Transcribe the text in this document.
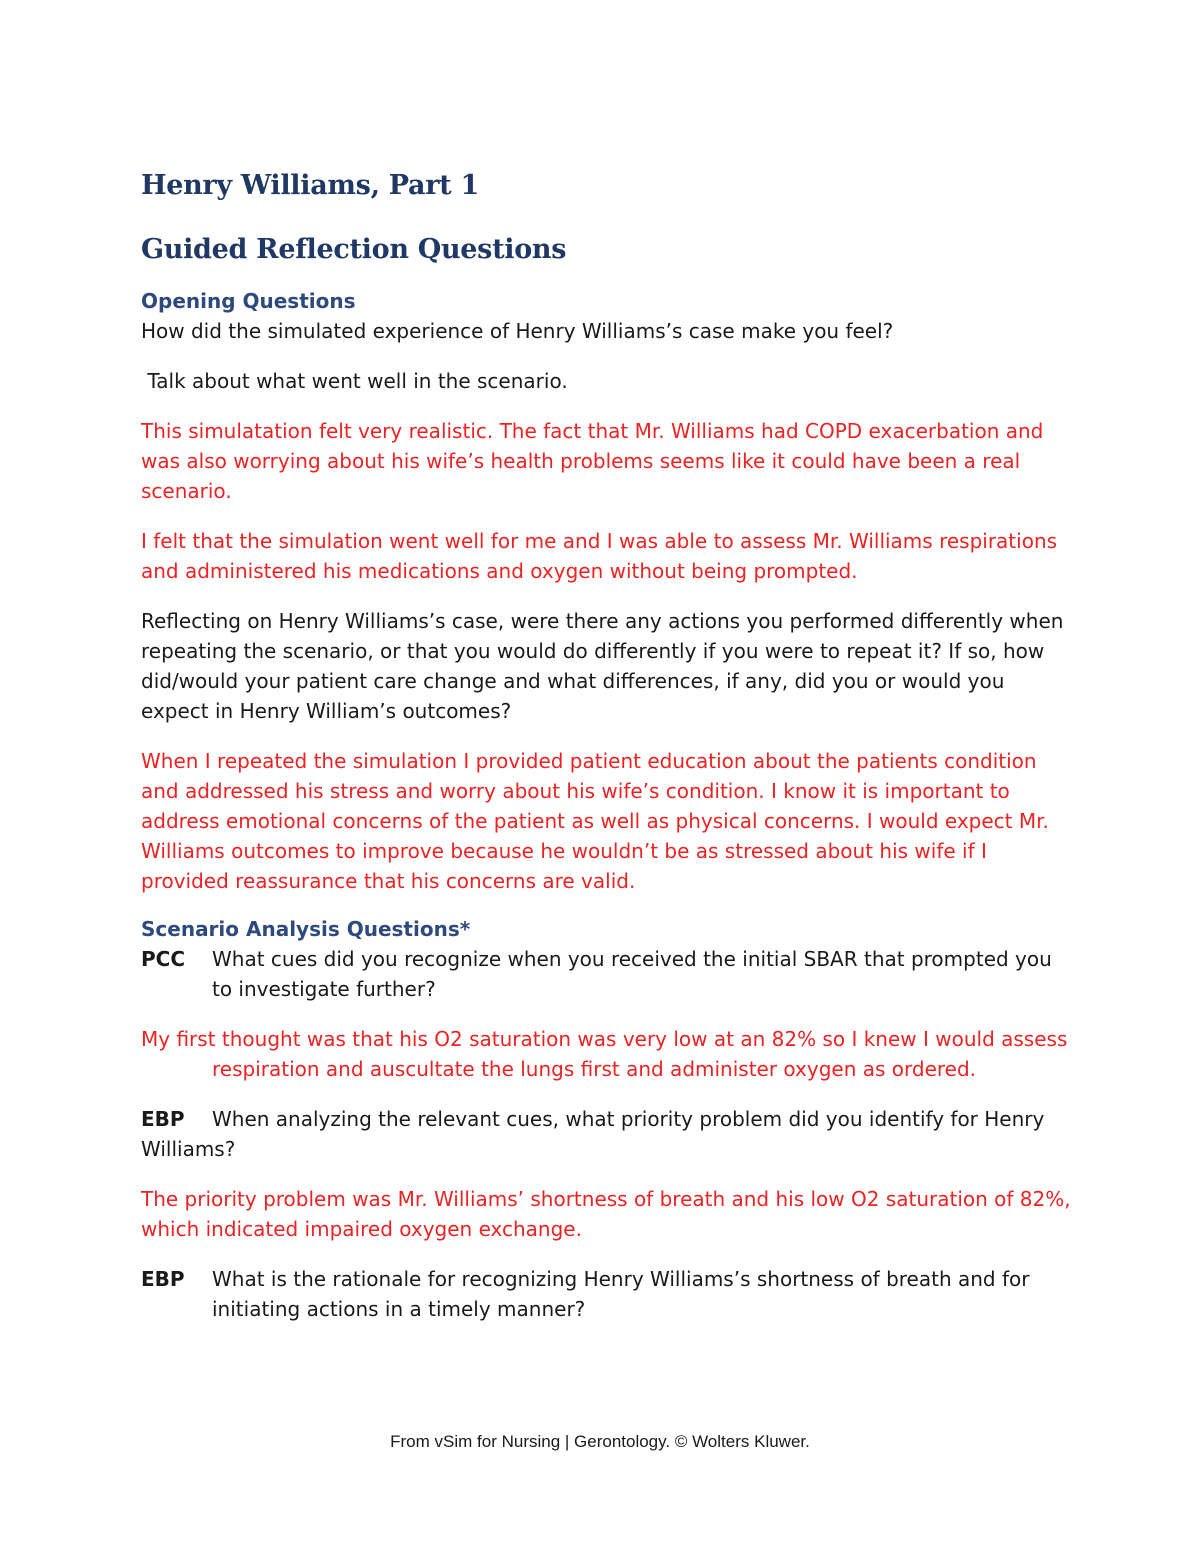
Henry Williams, Part 1
Guided Reflection Questions
Opening Questions

How did the simulated experience of Henry Williams’s case make you feel?

Talk about what went well in the scenario.

This simulatation felt very realistic. The fact that Mr. Williams had COPD exacerbation and was also worrying about his wife’s health problems seems like it could have been a real scenario.

I felt that the simulation went well for me and I was able to assess Mr. Williams respirations and administered his medications and oxygen without being prompted.

Reflecting on Henry Williams’s case, were there any actions you performed differently when repeating the scenario, or that you would do differently if you were to repeat it? If so, how did/would your patient care change and what differences, if any, did you or would you expect in Henry William’s outcomes?

When I repeated the simulation I provided patient education about the patients condition and addressed his stress and worry about his wife’s condition. I know it is important to address emotional concerns of the patient as well as physical concerns. I would expect Mr. Williams outcomes to improve because he wouldn’t be as stressed about his wife if I provided reassurance that his concerns are valid.

Scenario Analysis Questions*

PCC What cues did you recognize when you received the initial SBAR that prompted you to investigate further?

My first thought was that his O2 saturation was very low at an 82% so I knew I would assess respiration and auscultate the lungs first and administer oxygen as ordered.

EBP When analyzing the relevant cues, what priority problem did you identify for Henry Williams?

The priority problem was Mr. Williams’ shortness of breath and his low O2 saturation of 82%, which indicated impaired oxygen exchange.

EBP What is the rationale for recognizing Henry Williams’s shortness of breath and for initiating actions in a timely manner?

From vSim for Nursing | Gerontology. © Wolters Kluwer.
